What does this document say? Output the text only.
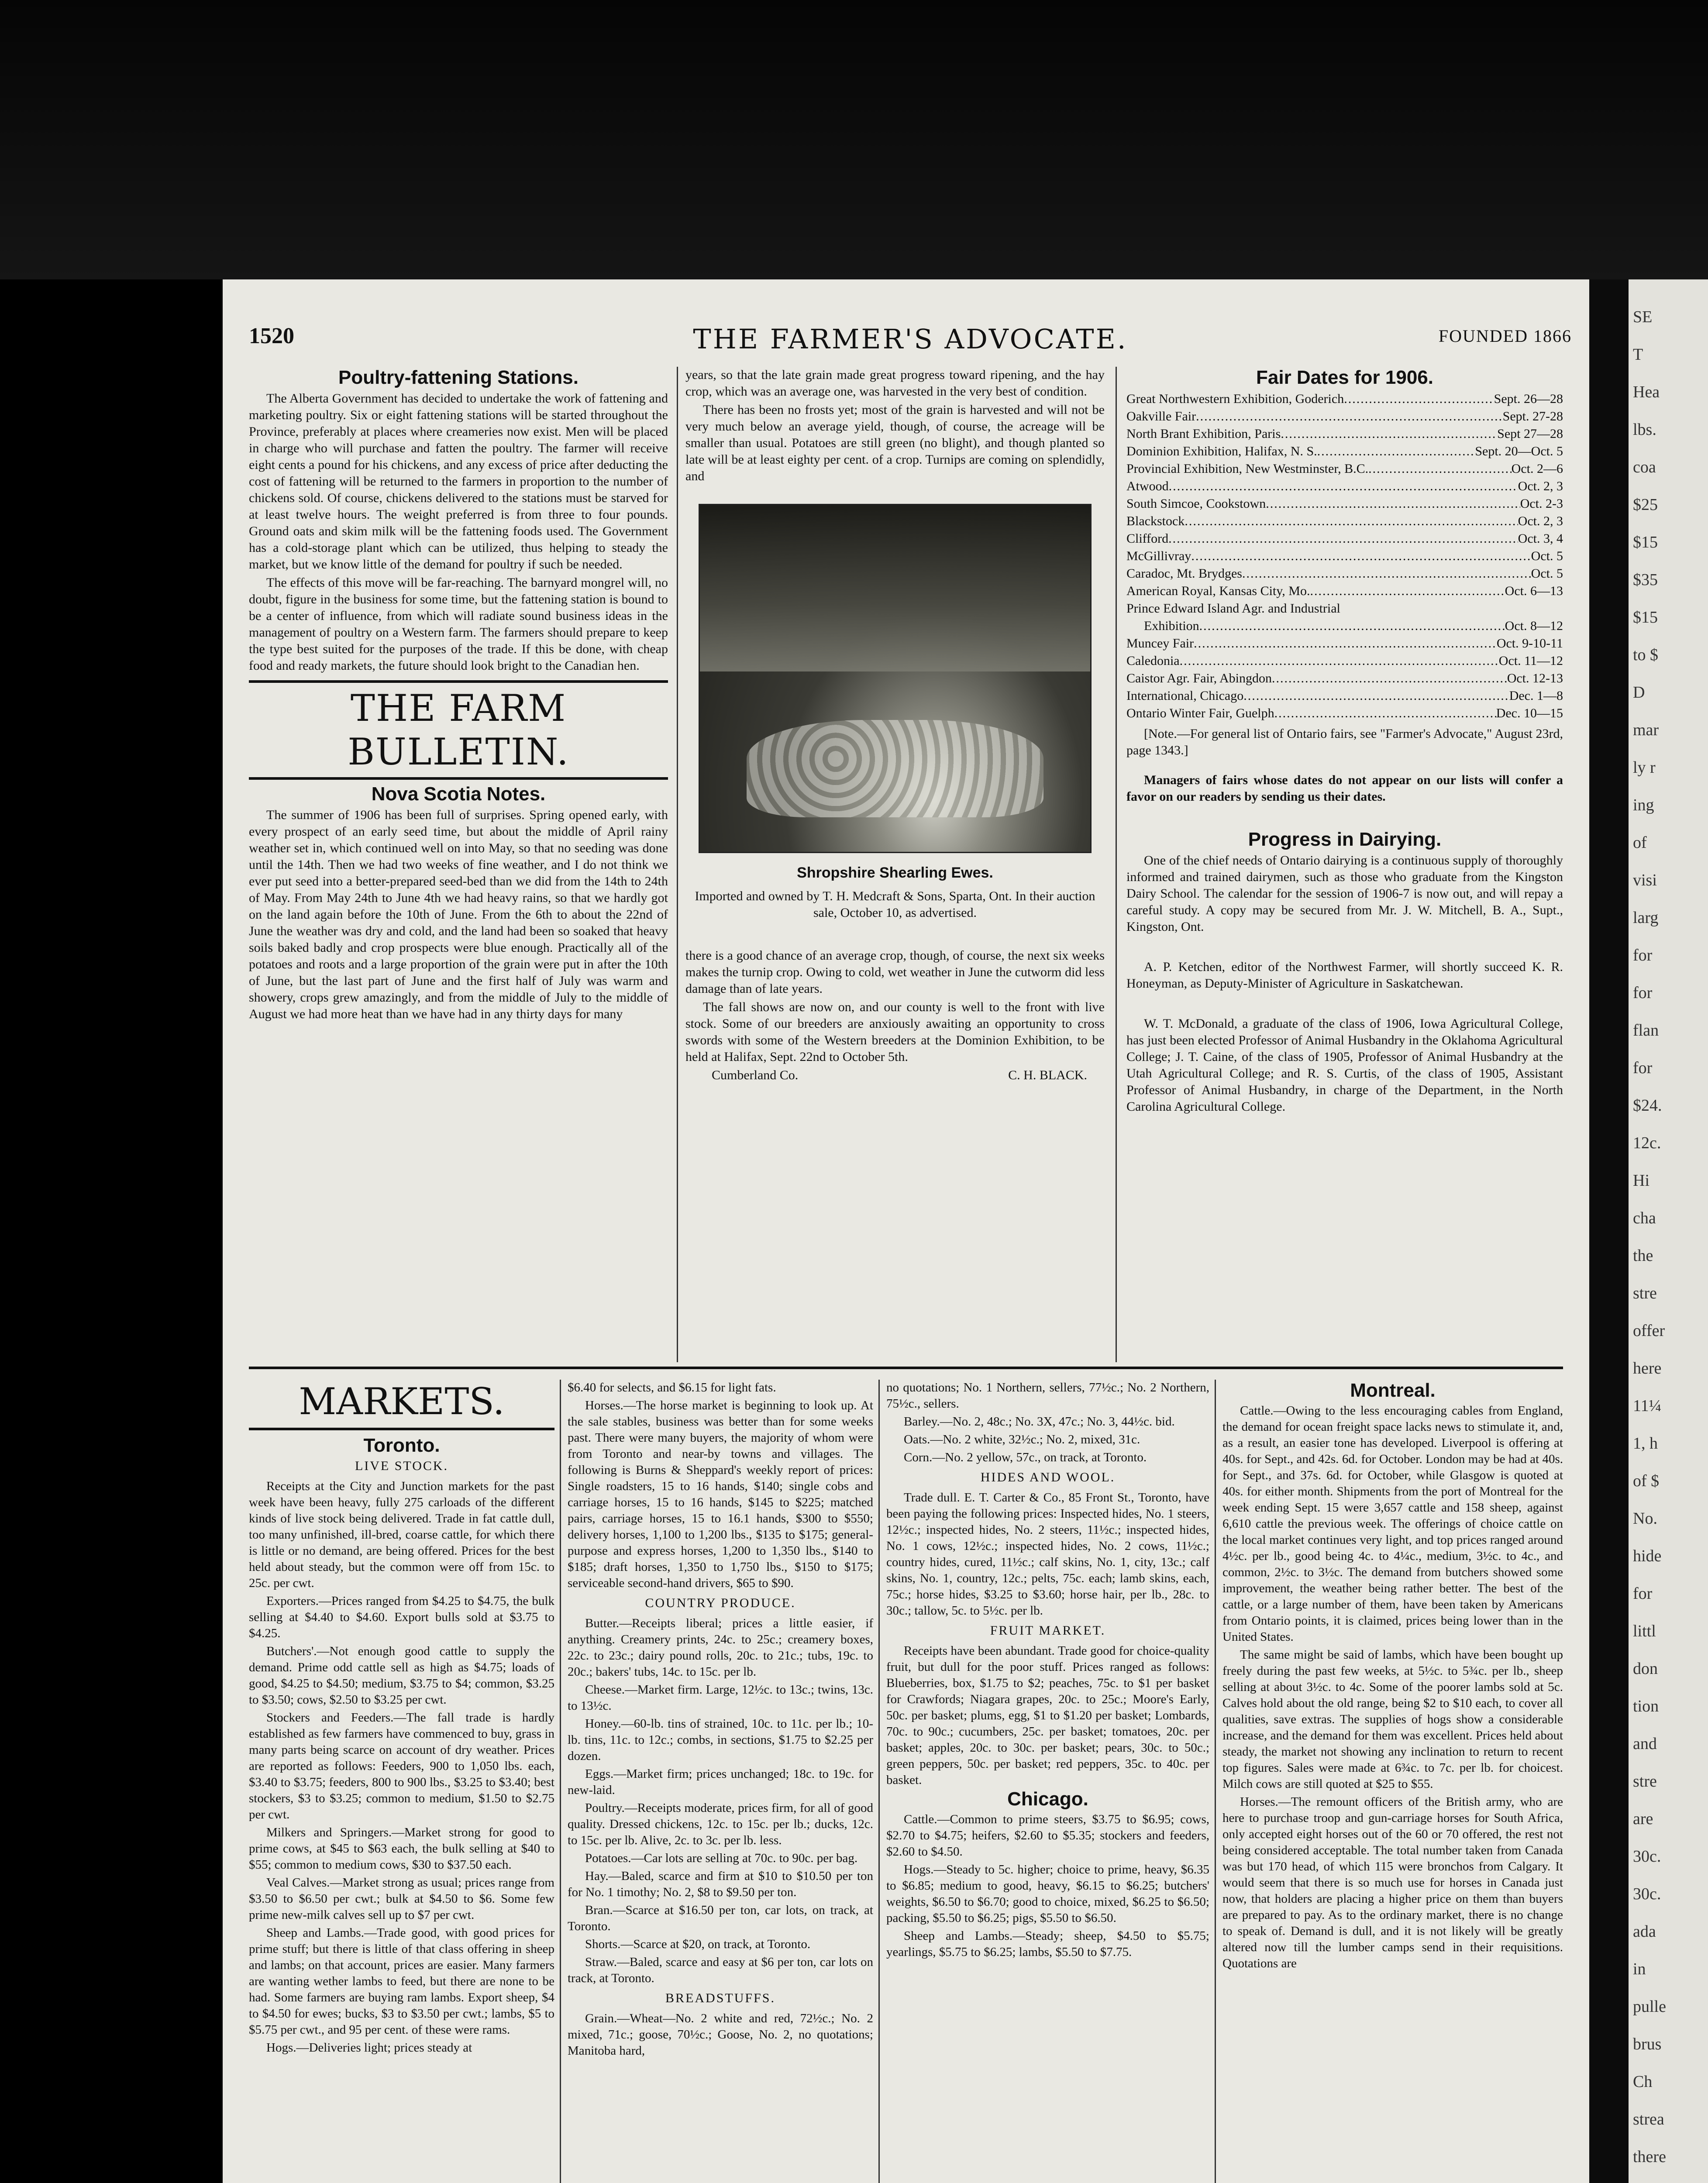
1520	THE FARMER'S ADVOCATE.	FOUNDED 1866
Poultry-fattening Stations.

The Alberta Government has decided to undertake the work of fattening and marketing poultry. Six or eight fattening stations will be started throughout the Province, preferably at places where creameries now exist. Men will be placed in charge who will purchase and fatten the poultry. The farmer will receive eight cents a pound for his chickens, and any excess of price after deducting the cost of fattening will be returned to the farmers in proportion to the number of chickens sold. Of course, chickens delivered to the stations must be starved for at least twelve hours. The weight preferred is from three to four pounds. Ground oats and skim milk will be the fattening foods used. The Government has a cold-storage plant which can be utilized, thus helping to steady the market, but we know little of the demand for poultry if such be needed.

The effects of this move will be far-reaching. The barnyard mongrel will, no doubt, figure in the business for some time, but the fattening station is bound to be a center of influence, from which will radiate sound business ideas in the management of poultry on a Western farm. The farmers should prepare to keep the type best suited for the purposes of the trade. If this be done, with cheap food and ready markets, the future should look bright to the Canadian hen.

THE FARM BULLETIN.
Nova Scotia Notes.

The summer of 1906 has been full of surprises. Spring opened early, with every prospect of an early seed time, but about the middle of April rainy weather set in, which continued well on into May, so that no seeding was done until the 14th. Then we had two weeks of fine weather, and I do not think we ever put seed into a better-prepared seed-bed than we did from the 14th to 24th of May. From May 24th to June 4th we had heavy rains, so that we hardly got on the land again before the 10th of June. From the 6th to about the 22nd of June the weather was dry and cold, and the land had been so soaked that heavy soils baked badly and crop prospects were blue enough. Practically all of the potatoes and roots and a large proportion of the grain were put in after the 10th of June, but the last part of June and the first half of July was warm and showery, crops grew amazingly, and from the middle of July to the middle of August we had more heat than we have had in any thirty days for many

years, so that the late grain made great progress toward ripening, and the hay crop, which was an average one, was harvested in the very best of condition.

There has been no frosts yet; most of the grain is harvested and will not be very much below an average yield, though, of course, the acreage will be smaller than usual. Potatoes are still green (no blight), and though planted so late will be at least eighty per cent. of a crop. Turnips are coming on splendidly, and

Shropshire Shearling Ewes.
Imported and owned by T. H. Medcraft & Sons, Sparta, Ont. In their auction sale, October 10, as advertised.

there is a good chance of an average crop, though, of course, the next six weeks makes the turnip crop. Owing to cold, wet weather in June the cutworm did less damage than of late years.

The fall shows are now on, and our county is well to the front with live stock. Some of our breeders are anxiously awaiting an opportunity to cross swords with some of the Western breeders at the Dominion Exhibition, to be held at Halifax, Sept. 22nd to October 5th.

Cumberland Co.	C. H. BLACK.
Fair Dates for 1906.
Great Northwestern Exhibition, Goderich .....	Sept. 26—28
Oakville Fair .....	Sept. 27-28
North Brant Exhibition, Paris .....	Sept 27—28
Dominion Exhibition, Halifax, N. S. .....	Sept. 20—Oct. 5
Provincial Exhibition, New Westminster, B.C. .....	Oct. 2—6
Atwood .....	Oct. 2, 3
South Simcoe, Cookstown .....	Oct. 2-3
Blackstock .....	Oct. 2, 3
Clifford .....	Oct. 3, 4
McGillivray .....	Oct. 5
Caradoc, Mt. Brydges .....	Oct. 5
American Royal, Kansas City, Mo. .....	Oct. 6—13
Prince Edward Island Agr. and Industrial
Exhibition .....	Oct. 8—12
Muncey Fair .....	Oct. 9-10-11
Caledonia .....	Oct. 11—12
Caistor Agr. Fair, Abingdon .....	Oct. 12-13
International, Chicago .....	Dec. 1—8
Ontario Winter Fair, Guelph .....	Dec. 10—15

[Note.—For general list of Ontario fairs, see "Farmer's Advocate," August 23rd, page 1343.]

Managers of fairs whose dates do not appear on our lists will confer a favor on our readers by sending us their dates.

Progress in Dairying.

One of the chief needs of Ontario dairying is a continuous supply of thoroughly informed and trained dairymen, such as those who graduate from the Kingston Dairy School. The calendar for the session of 1906-7 is now out, and will repay a careful study. A copy may be secured from Mr. J. W. Mitchell, B. A., Supt., Kingston, Ont.

A. P. Ketchen, editor of the Northwest Farmer, will shortly succeed K. R. Honeyman, as Deputy-Minister of Agriculture in Saskatchewan.

W. T. McDonald, a graduate of the class of 1906, Iowa Agricultural College, has just been elected Professor of Animal Husbandry in the Oklahoma Agricultural College; J. T. Caine, of the class of 1905, Professor of Animal Husbandry at the Utah Agricultural College; and R. S. Curtis, of the class of 1905, Assistant Professor of Animal Husbandry, in charge of the Department, in the North Carolina Agricultural College.

MARKETS.
Toronto.
LIVE STOCK.

Receipts at the City and Junction markets for the past week have been heavy, fully 275 carloads of the different kinds of live stock being delivered. Trade in fat cattle dull, too many unfinished, ill-bred, coarse cattle, for which there is little or no demand, are being offered. Prices for the best held about steady, but the common were off from 15c. to 25c. per cwt.

Exporters.—Prices ranged from $4.25 to $4.75, the bulk selling at $4.40 to $4.60. Export bulls sold at $3.75 to $4.25.

Butchers'.—Not enough good cattle to supply the demand. Prime odd cattle sell as high as $4.75; loads of good, $4.25 to $4.50; medium, $3.75 to $4; common, $3.25 to $3.50; cows, $2.50 to $3.25 per cwt.

Stockers and Feeders.—The fall trade is hardly established as few farmers have commenced to buy, grass in many parts being scarce on account of dry weather. Prices are reported as follows: Feeders, 900 to 1,050 lbs. each, $3.40 to $3.75; feeders, 800 to 900 lbs., $3.25 to $3.40; best stockers, $3 to $3.25; common to medium, $1.50 to $2.75 per cwt.

Milkers and Springers.—Market strong for good to prime cows, at $45 to $63 each, the bulk selling at $40 to $55; common to medium cows, $30 to $37.50 each.

Veal Calves.—Market strong as usual; prices range from $3.50 to $6.50 per cwt.; bulk at $4.50 to $6. Some few prime new-milk calves sell up to $7 per cwt.

Sheep and Lambs.—Trade good, with good prices for prime stuff; but there is little of that class offering in sheep and lambs; on that account, prices are easier. Many farmers are wanting wether lambs to feed, but there are none to be had. Some farmers are buying ram lambs. Export sheep, $4 to $4.50 for ewes; bucks, $3 to $3.50 per cwt.; lambs, $5 to $5.75 per cwt., and 95 per cent. of these were rams.

Hogs.—Deliveries light; prices steady at

$6.40 for selects, and $6.15 for light fats.

Horses.—The horse market is beginning to look up. At the sale stables, business was better than for some weeks past. There were many buyers, the majority of whom were from Toronto and near-by towns and villages. The following is Burns & Sheppard's weekly report of prices: Single roadsters, 15 to 16 hands, $140; single cobs and carriage horses, 15 to 16 hands, $145 to $225; matched pairs, carriage horses, 15 to 16.1 hands, $300 to $550; delivery horses, 1,100 to 1,200 lbs., $135 to $175; general-purpose and express horses, 1,200 to 1,350 lbs., $140 to $185; draft horses, 1,350 to 1,750 lbs., $150 to $175; serviceable second-hand drivers, $65 to $90.

COUNTRY PRODUCE.

Butter.—Receipts liberal; prices a little easier, if anything. Creamery prints, 24c. to 25c.; creamery boxes, 22c. to 23c.; dairy pound rolls, 20c. to 21c.; tubs, 19c. to 20c.; bakers' tubs, 14c. to 15c. per lb.

Cheese.—Market firm. Large, 12½c. to 13c.; twins, 13c. to 13½c.

Honey.—60-lb. tins of strained, 10c. to 11c. per lb.; 10-lb. tins, 11c. to 12c.; combs, in sections, $1.75 to $2.25 per dozen.

Eggs.—Market firm; prices unchanged; 18c. to 19c. for new-laid.

Poultry.—Receipts moderate, prices firm, for all of good quality. Dressed chickens, 12c. to 15c. per lb.; ducks, 12c. to 15c. per lb. Alive, 2c. to 3c. per lb. less.

Potatoes.—Car lots are selling at 70c. to 90c. per bag.

Hay.—Baled, scarce and firm at $10 to $10.50 per ton for No. 1 timothy; No. 2, $8 to $9.50 per ton.

Bran.—Scarce at $16.50 per ton, car lots, on track, at Toronto.

Shorts.—Scarce at $20, on track, at Toronto.

Straw.—Baled, scarce and easy at $6 per ton, car lots on track, at Toronto.

BREADSTUFFS.

Grain.—Wheat—No. 2 white and red, 72½c.; No. 2 mixed, 71c.; goose, 70½c.; Goose, No. 2, no quotations; Manitoba hard,

no quotations; No. 1 Northern, sellers, 77½c.; No. 2 Northern, 75½c., sellers.

Barley.—No. 2, 48c.; No. 3X, 47c.; No. 3, 44½c. bid.

Oats.—No. 2 white, 32½c.; No. 2, mixed, 31c.

Corn.—No. 2 yellow, 57c., on track, at Toronto.

HIDES AND WOOL.

Trade dull. E. T. Carter & Co., 85 Front St., Toronto, have been paying the following prices: Inspected hides, No. 1 steers, 12½c.; inspected hides, No. 2 steers, 11½c.; inspected hides, No. 1 cows, 12½c.; inspected hides, No. 2 cows, 11½c.; country hides, cured, 11½c.; calf skins, No. 1, city, 13c.; calf skins, No. 1, country, 12c.; pelts, 75c. each; lamb skins, each, 75c.; horse hides, $3.25 to $3.60; horse hair, per lb., 28c. to 30c.; tallow, 5c. to 5½c. per lb.

FRUIT MARKET.

Receipts have been abundant. Trade good for choice-quality fruit, but dull for the poor stuff. Prices ranged as follows: Blueberries, box, $1.75 to $2; peaches, 75c. to $1 per basket for Crawfords; Niagara grapes, 20c. to 25c.; Moore's Early, 50c. per basket; plums, egg, $1 to $1.20 per basket; Lombards, 70c. to 90c.; cucumbers, 25c. per basket; tomatoes, 20c. per basket; apples, 20c. to 30c. per basket; pears, 30c. to 50c.; green peppers, 50c. per basket; red peppers, 35c. to 40c. per basket.

Chicago.

Cattle.—Common to prime steers, $3.75 to $6.95; cows, $2.70 to $4.75; heifers, $2.60 to $5.35; stockers and feeders, $2.60 to $4.50.

Hogs.—Steady to 5c. higher; choice to prime, heavy, $6.35 to $6.85; medium to good, heavy, $6.15 to $6.25; butchers' weights, $6.50 to $6.70; good to choice, mixed, $6.25 to $6.50; packing, $5.50 to $6.25; pigs, $5.50 to $6.50.

Sheep and Lambs.—Steady; sheep, $4.50 to $5.75; yearlings, $5.75 to $6.25; lambs, $5.50 to $7.75.

Montreal.

Cattle.—Owing to the less encouraging cables from England, the demand for ocean freight space lacks news to stimulate it, and, as a result, an easier tone has developed. Liverpool is offering at 40s. for Sept., and 42s. 6d. for October. London may be had at 40s. for Sept., and 37s. 6d. for October, while Glasgow is quoted at 40s. for either month. Shipments from the port of Montreal for the week ending Sept. 15 were 3,657 cattle and 158 sheep, against 6,610 cattle the previous week. The offerings of choice cattle on the local market continues very light, and top prices ranged around 4½c. per lb., good being 4c. to 4¼c., medium, 3½c. to 4c., and common, 2½c. to 3½c. The demand from butchers showed some improvement, the weather being rather better. The best of the cattle, or a large number of them, have been taken by Americans from Ontario points, it is claimed, prices being lower than in the United States.

The same might be said of lambs, which have been bought up freely during the past few weeks, at 5½c. to 5¾c. per lb., sheep selling at about 3½c. to 4c. Some of the poorer lambs sold at 5c. Calves hold about the old range, being $2 to $10 each, to cover all qualities, save extras. The supplies of hogs show a considerable increase, and the demand for them was excellent. Prices held about steady, the market not showing any inclination to return to recent top figures. Sales were made at 6¾c. to 7c. per lb. for choicest. Milch cows are still quoted at $25 to $55.

Horses.—The remount officers of the British army, who are here to purchase troop and gun-carriage horses for South Africa, only accepted eight horses out of the 60 or 70 offered, the rest not being considered acceptable. The total number taken from Canada was but 170 head, of which 115 were bronchos from Calgary. It would seem that there is so much use for horses in Canada just now, that holders are placing a higher price on them than buyers are prepared to pay. As to the ordinary market, there is no change to speak of. Demand is dull, and it is not likely will be greatly altered now till the lumber camps send in their requisitions. Quotations are

SE
T
Hea
lbs.
coa
$25
$15
$35
$15
to $
D
mar
ly r
ing
of
visi
larg
for
for
flan
for
$24.
12c.
Hi
cha
the
stre
offer
here
11¼
1, h
of $
No.
hide
for
littl
don
tion
and
stre
are
30c.
30c.
ada
in
pulle
brus
Ch
strea
there
